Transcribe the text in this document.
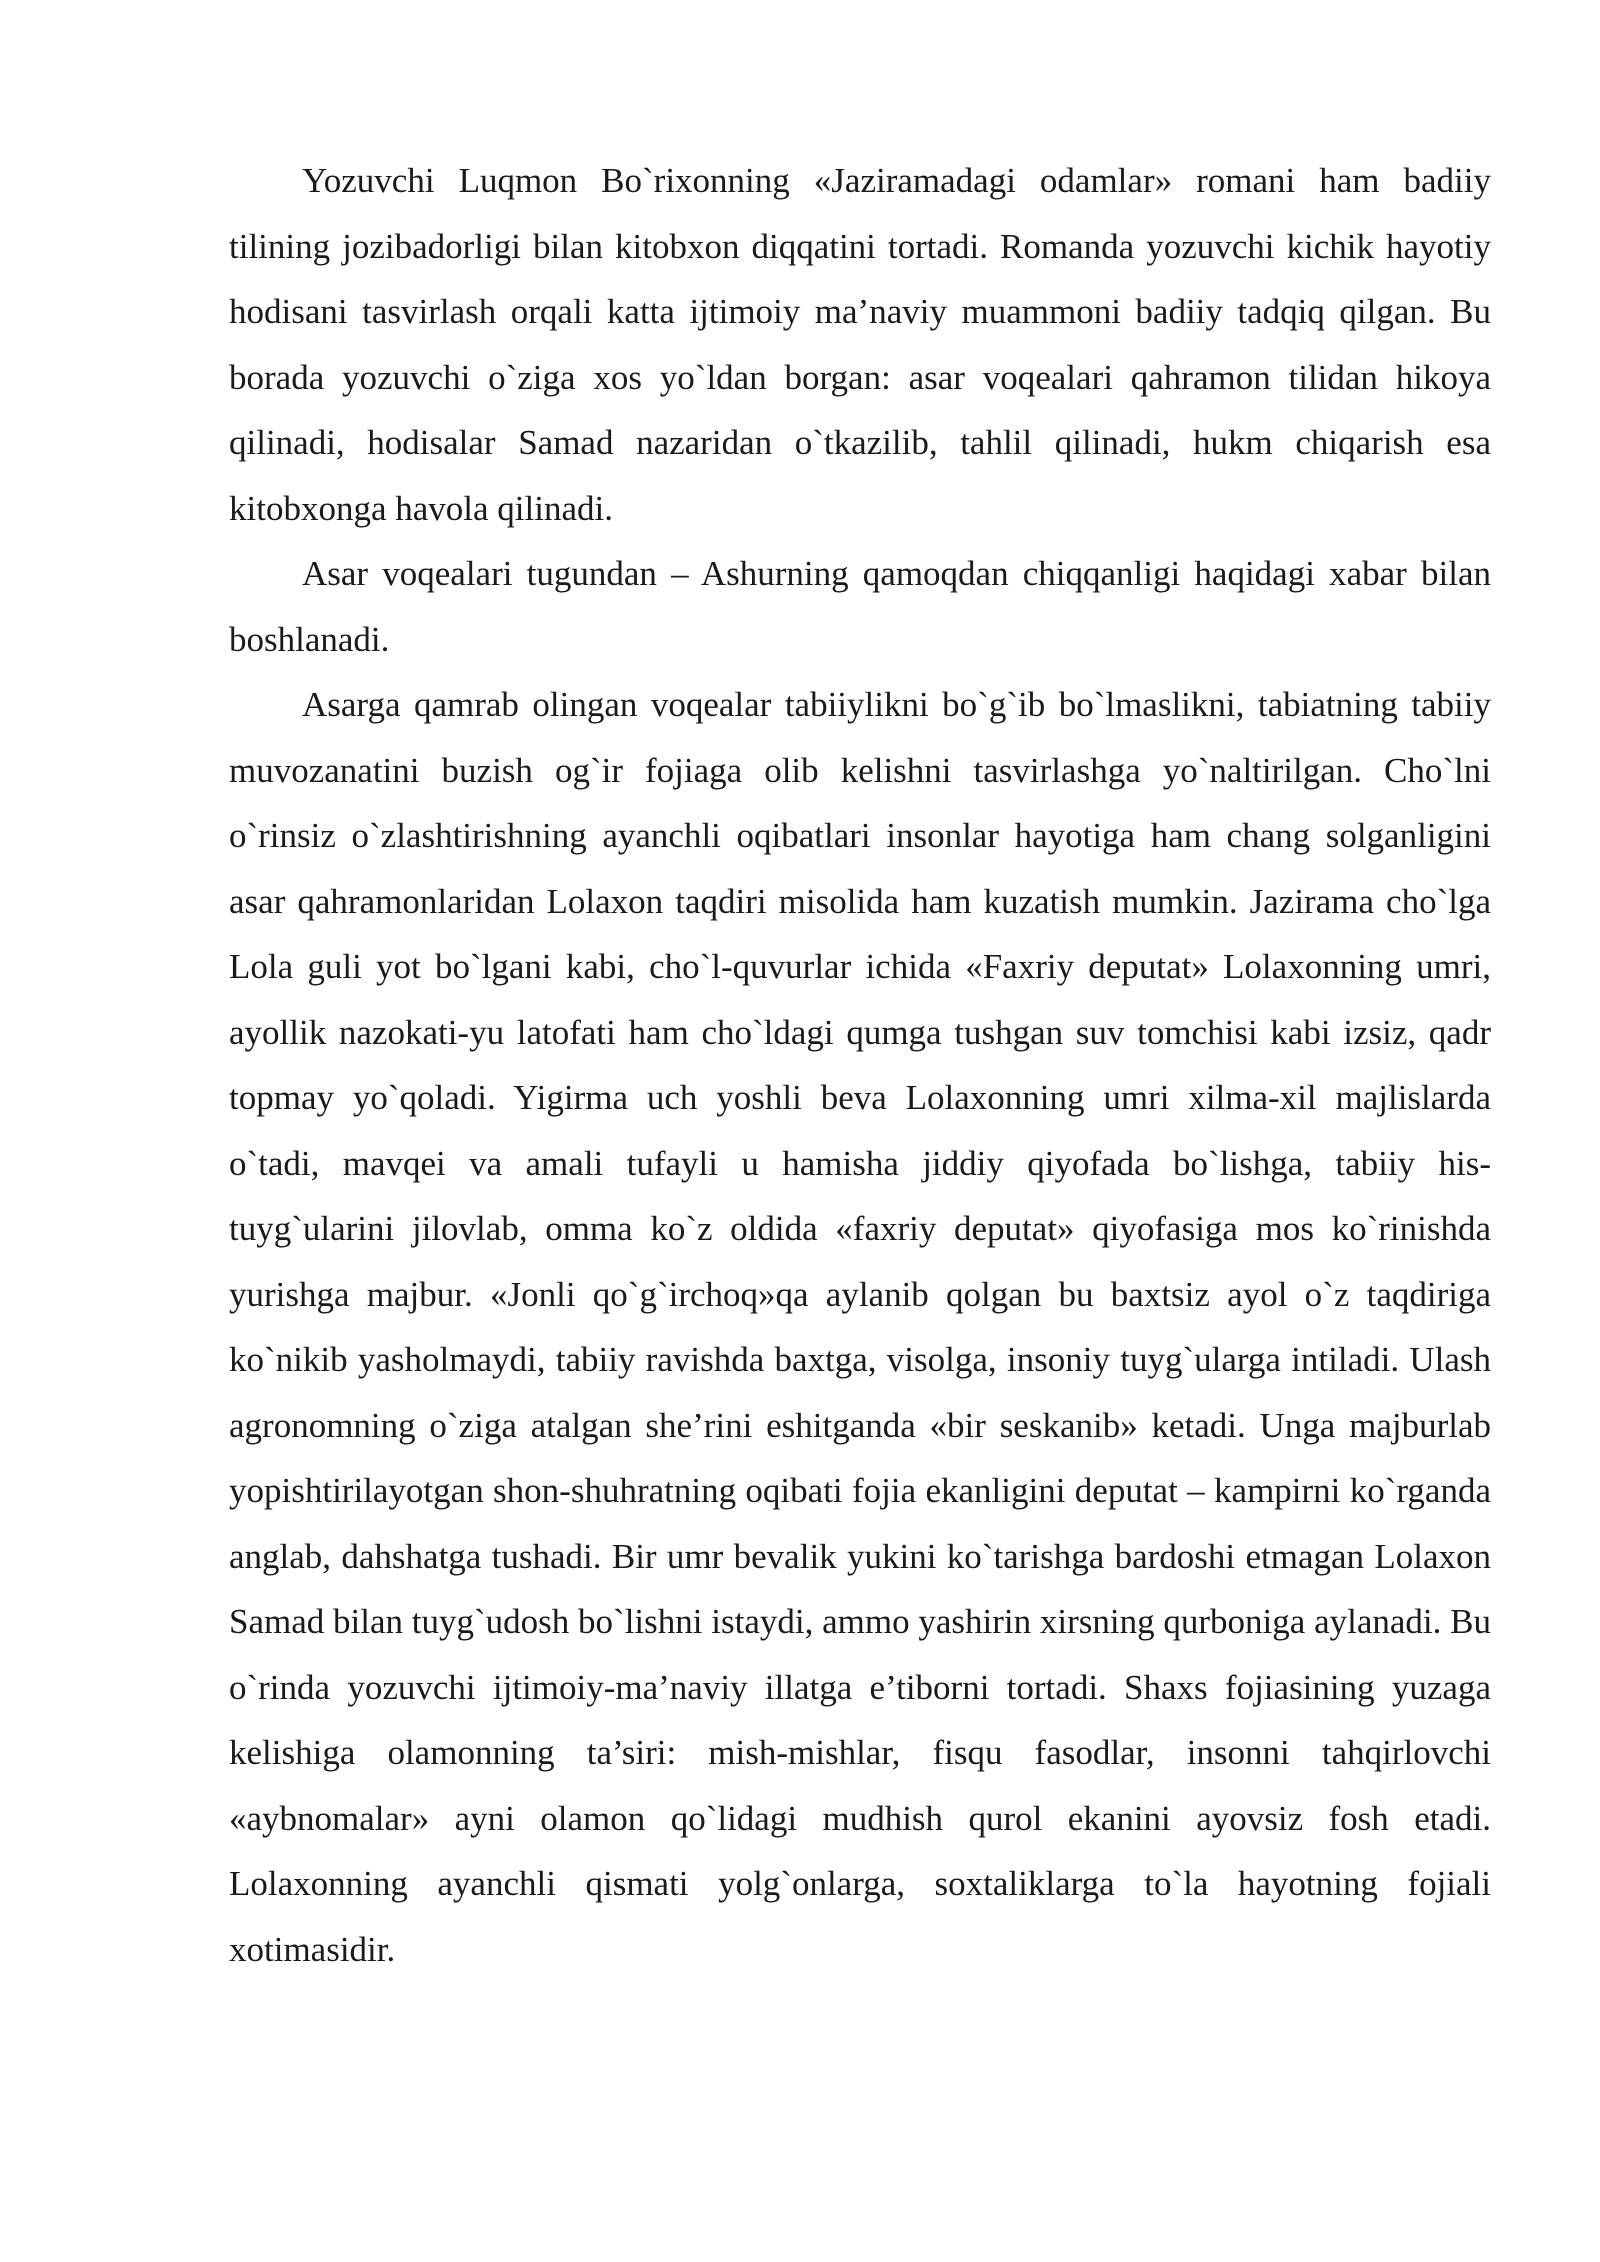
Yozuvchi Luqmon Bo`rixonning «Jaziramadagi odamlar» romani ham badiiy tilining jozibadorligi bilan kitobxon diqqatini tortadi. Romanda yozuvchi kichik hayotiy hodisani tasvirlash orqali katta ijtimoiy ma’naviy muammoni badiiy tadqiq qilgan. Bu borada yozuvchi o`ziga xos yo`ldan borgan: asar voqealari qahramon tilidan hikoya qilinadi, hodisalar Samad nazaridan o`tkazilib, tahlil qilinadi, hukm chiqarish esa kitobxonga havola qilinadi.

Asar voqealari tugundan – Ashurning qamoqdan chiqqanligi haqidagi xabar bilan boshlanadi.

Asarga qamrab olingan voqealar tabiiylikni bo`g`ib bo`lmaslikni, tabiatning tabiiy muvozanatini buzish og`ir fojiaga olib kelishni tasvirlashga yo`naltirilgan. Cho`lni o`rinsiz o`zlashtirishning ayanchli oqibatlari insonlar hayotiga ham chang solganligini asar qahramonlaridan Lolaxon taqdiri misolida ham kuzatish mumkin. Jazirama cho`lga Lola guli yot bo`lgani kabi, cho`l-quvurlar ichida «Faxriy deputat» Lolaxonning umri, ayollik nazokati-yu latofati ham cho`ldagi qumga tushgan suv tomchisi kabi izsiz, qadr topmay yo`qoladi. Yigirma uch yoshli beva Lolaxonning umri xilma-xil majlislarda o`tadi, mavqei va amali tufayli u hamisha jiddiy qiyofada bo`lishga, tabiiy his-tuyg`ularini jilovlab, omma ko`z oldida «faxriy deputat» qiyofasiga mos ko`rinishda yurishga majbur. «Jonli qo`g`irchoq»qa aylanib qolgan bu baxtsiz ayol o`z taqdiriga ko`nikib yasholmaydi, tabiiy ravishda baxtga, visolga, insoniy tuyg`ularga intiladi. Ulash agronomning o`ziga atalgan she’rini eshitganda «bir seskanib» ketadi. Unga majburlab yopishtirilayotgan shon-shuhratning oqibati fojia ekanligini deputat – kampirni ko`rganda anglab, dahshatga tushadi. Bir umr bevalik yukini ko`tarishga bardoshi etmagan Lolaxon Samad bilan tuyg`udosh bo`lishni istaydi, ammo yashirin xirsning qurboniga aylanadi. Bu o`rinda yozuvchi ijtimoiy-ma’naviy illatga e’tiborni tortadi. Shaxs fojiasining yuzaga kelishiga olamonning ta’siri: mish-mishlar, fisqu fasodlar, insonni tahqirlovchi «aybnomalar» ayni olamon qo`lidagi mudhish qurol ekanini ayovsiz fosh etadi. Lolaxonning ayanchli qismati yolg`onlarga, soxtaliklarga to`la hayotning fojiali xotimasidir.
